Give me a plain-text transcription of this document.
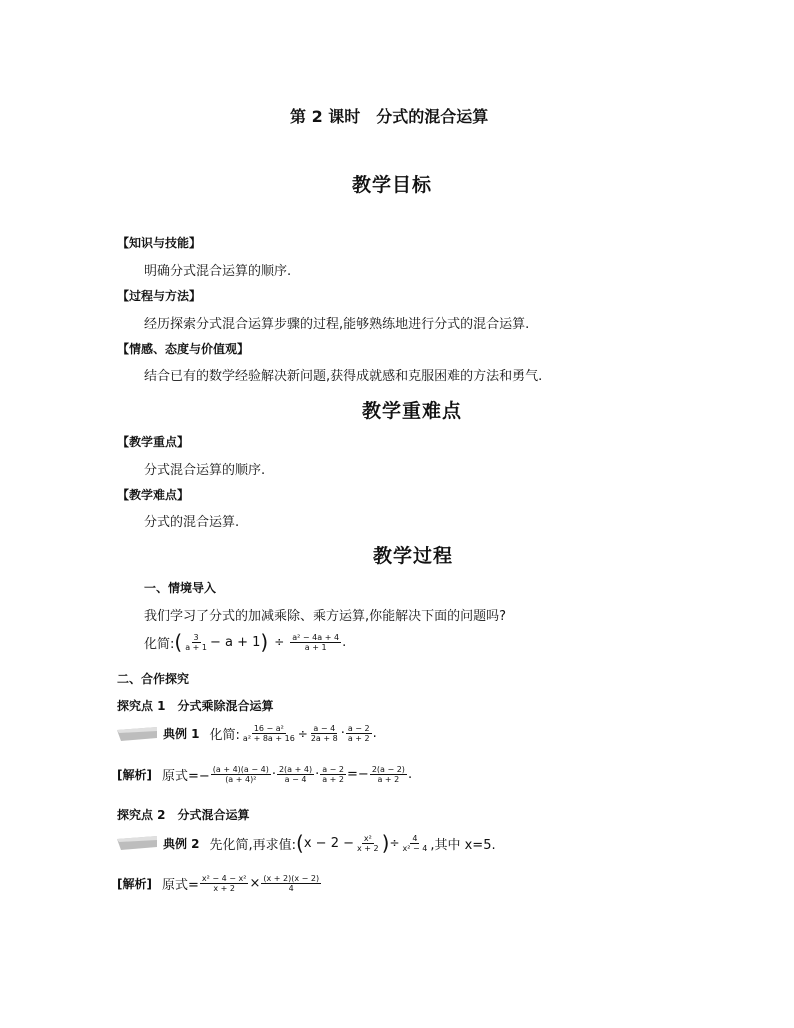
第 2 课时　分式的混合运算
教学目标
【知识与技能】
明确分式混合运算的顺序.
【过程与方法】
经历探索分式混合运算步骤的过程,能够熟练地进行分式的混合运算.
【情感、态度与价值观】
结合已有的数学经验解决新问题,获得成就感和克服困难的方法和勇气.
教学重难点
【教学重点】
分式混合运算的顺序.
【教学难点】
分式的混合运算.
教学过程
一、情境导入
我们学习了分式的加减乘除、乘方运算,你能解决下面的问题吗?
化简: ( $\frac{3}{a + 1} - a + 1$ ) ÷ $\frac{\text{a² − 4a + 4}}{a + 1}$ .
二、合作探究
探究点 1　分式乘除混合运算
典例 1 化简: $\frac{\text{16 − a²}}{\text{a² + 8a + 16}} \div \frac{a - 4}{2a + 8} \cdot \frac{a - 2}{a + 2}$ .
[解析] 原式=− $\frac{(a + 4)(a - 4)}{\text{(a + 4)²}} \cdot \frac{2(a + 4)}{a - 4} \cdot \frac{a - 2}{a + 2} =- \frac{2(a - 2)}{a + 2}$ .
探究点 2　分式混合运算
典例 2 先化简,再求值: ( $x - 2 - \frac{\text{x²}}{x + 2}$ ) ÷ $\frac{4}{\text{x² − 4}}$ ,其中 x=5.
[解析] 原式= $\frac{\text{x² − 4 − x²}}{x + 2} \times \frac{(x + 2)(x - 2)}{4}$
